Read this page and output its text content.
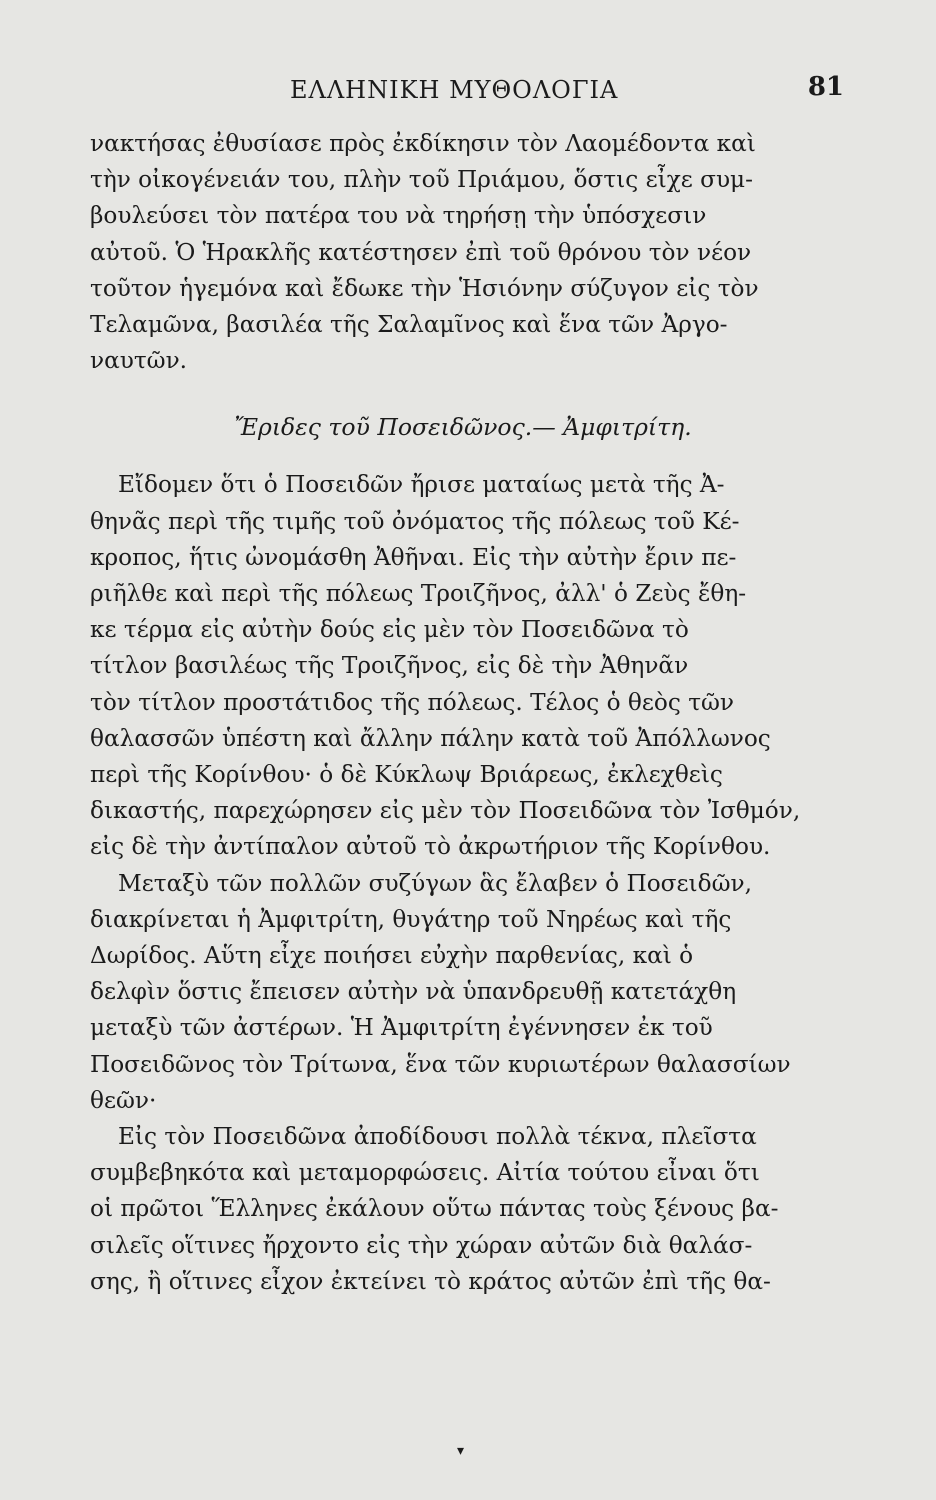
ΕΛΛΗΝΙΚΗ ΜΥΘΟΛΟΓΙΑ	81

νακτήσας ἐθυσίασε πρὸς ἐκδίκησιν τὸν Λαομέδοντα καὶ
τὴν οἰκογένειάν του, πλὴν τοῦ Πριάμου, ὅστις εἶχε συμ-
βουλεύσει τὸν πατέρα του νὰ τηρήσῃ τὴν ὑπόσχεσιν
αὐτοῦ. Ὁ Ἡρακλῆς κατέστησεν ἐπὶ τοῦ θρόνου τὸν νέον
τοῦτον ἡγεμόνα καὶ ἔδωκε τὴν Ἡσιόνην σύζυγον εἰς τὸν
Τελαμῶνα, βασιλέα τῆς Σαλαμῖνος καὶ ἕνα τῶν Ἀργο-
ναυτῶν.

Ἔριδες τοῦ Ποσειδῶνος.— Ἀμφιτρίτη.

Εἴδομεν ὅτι ὁ Ποσειδῶν ἤρισε ματαίως μετὰ τῆς Ἀ-
θηνᾶς περὶ τῆς τιμῆς τοῦ ὀνόματος τῆς πόλεως τοῦ Κέ-
κροπος, ἥτις ὠνομάσθη Ἀθῆναι. Εἰς τὴν αὐτὴν ἔριν πε-
ριῆλθε καὶ περὶ τῆς πόλεως Τροιζῆνος, ἀλλ' ὁ Ζεὺς ἔθη-
κε τέρμα εἰς αὐτὴν δούς εἰς μὲν τὸν Ποσειδῶνα τὸ
τίτλον βασιλέως τῆς Τροιζῆνος, εἰς δὲ τὴν Ἀθηνᾶν
τὸν τίτλον προστάτιδος τῆς πόλεως. Τέλος ὁ θεὸς τῶν
θαλασσῶν ὑπέστη καὶ ἄλλην πάλην κατὰ τοῦ Ἀπόλλωνος
περὶ τῆς Κορίνθου· ὁ δὲ Κύκλωψ Βριάρεως, ἐκλεχθεὶς
δικαστής, παρεχώρησεν εἰς μὲν τὸν Ποσειδῶνα τὸν Ἰσθμόν,
εἰς δὲ τὴν ἀντίπαλον αὐτοῦ τὸ ἀκρωτήριον τῆς Κορίνθου.

Μεταξὺ τῶν πολλῶν συζύγων ἃς ἔλαβεν ὁ Ποσειδῶν,
διακρίνεται ἡ Ἀμφιτρίτη, θυγάτηρ τοῦ Νηρέως καὶ τῆς
Δωρίδος. Αὕτη εἶχε ποιήσει εὐχὴν παρθενίας, καὶ ὁ
δελφὶν ὅστις ἔπεισεν αὐτὴν νὰ ὑπανδρευθῇ κατετάχθη
μεταξὺ τῶν ἀστέρων. Ἡ Ἀμφιτρίτη ἐγέννησεν ἐκ τοῦ
Ποσειδῶνος τὸν Τρίτωνα, ἕνα τῶν κυριωτέρων θαλασσίων
θεῶν·

Εἰς τὸν Ποσειδῶνα ἀποδίδουσι πολλὰ τέκνα, πλεῖστα
συμβεβηκότα καὶ μεταμορφώσεις. Αἰτία τούτου εἶναι ὅτι
οἱ πρῶτοι Ἕλληνες ἐκάλουν οὕτω πάντας τοὺς ξένους βα-
σιλεῖς οἵτινες ἤρχοντο εἰς τὴν χώραν αὐτῶν διὰ θαλάσ-
σης, ἢ οἵτινες εἶχον ἐκτείνει τὸ κράτος αὐτῶν ἐπὶ τῆς θα-

▾
